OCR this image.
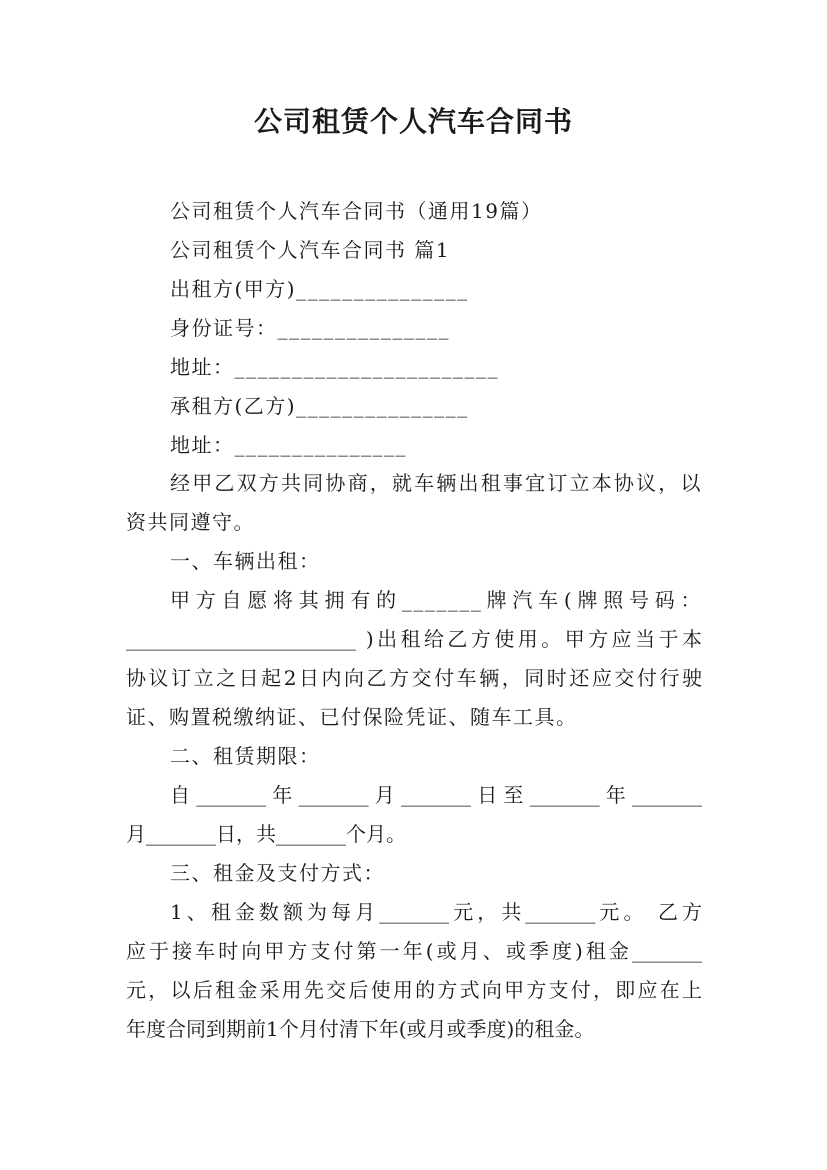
公司租赁个人汽车合同书
公司租赁个人汽车合同书（通用19篇）
公司租赁个人汽车合同书 篇1
出租方(甲方)_______________
身份证号：_______________
地址：_______________________
承租方(乙方)_______________
地址：_______________
经甲乙双方共同协商，就车辆出租事宜订立本协议，以
资共同遵守。
一、车辆出租：
甲方自愿将其拥有的_______牌汽车(牌照号码：
_______________________ )出租给乙方使用。甲方应当于本
协议订立之日起2日内向乙方交付车辆，同时还应交付行驶
证、购置税缴纳证、已付保险凭证、随车工具。
二、租赁期限：
自_______年_______月_______日至_______年_______
月_______日，共_______个月。
三、租金及支付方式：
1、租金数额为每月_______元，共_______元。 乙方
应于接车时向甲方支付第一年(或月、或季度)租金_______
元，以后租金采用先交后使用的方式向甲方支付，即应在上
年度合同到期前1个月付清下年(或月或季度)的租金。
